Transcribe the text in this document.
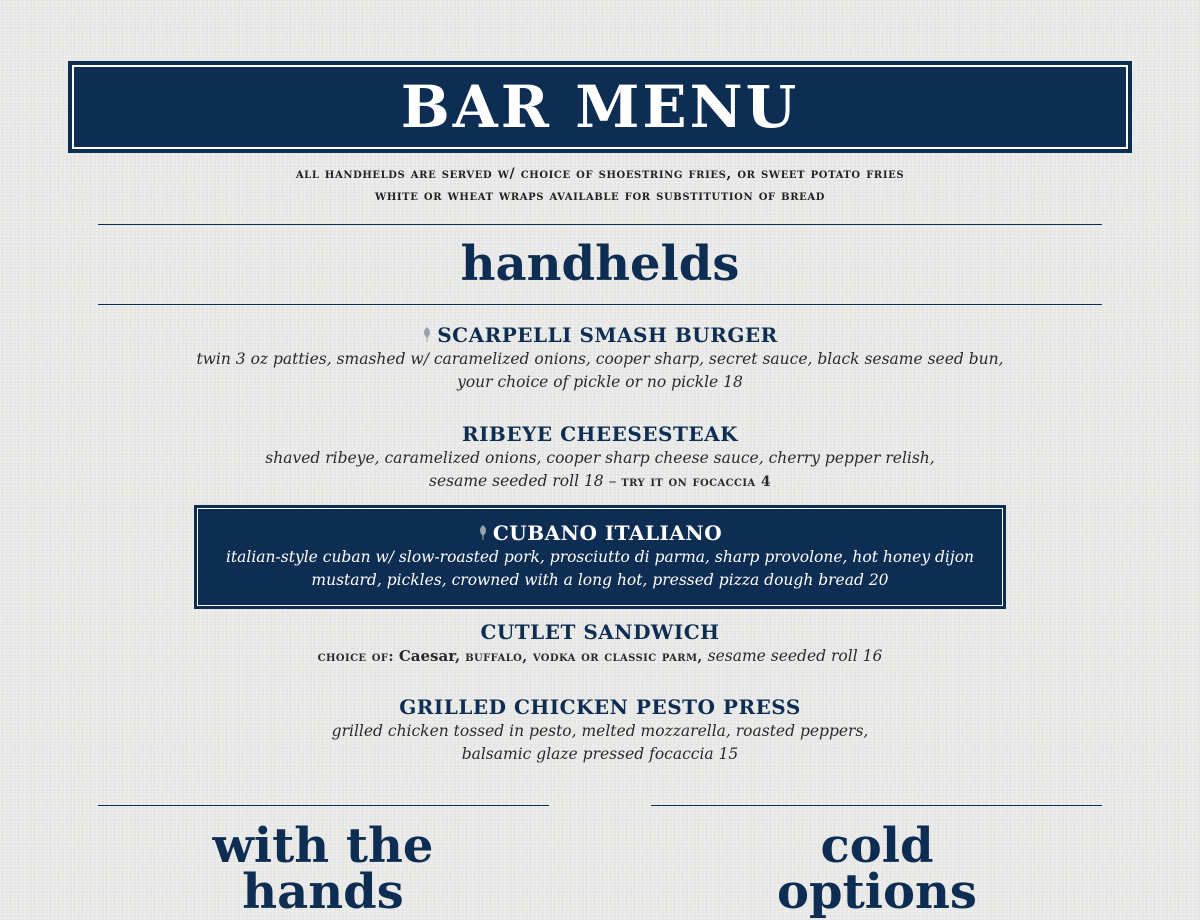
BAR MENU
all handhelds are served w/ choice of shoestring fries, or sweet potato fries
white or wheat wraps available for substitution of bread
handhelds
SCARPELLI SMASH BURGER
twin 3 oz patties, smashed w/ caramelized onions, cooper sharp, secret sauce, black sesame seed bun,
your choice of pickle or no pickle 18
RIBEYE CHEESESTEAK
shaved ribeye, caramelized onions, cooper sharp cheese sauce, cherry pepper relish,
sesame seeded roll 18 – try it on focaccia 4
CUBANO ITALIANO
italian-style cuban w/ slow-roasted pork, prosciutto di parma, sharp provolone, hot honey dijon
mustard, pickles, crowned with a long hot, pressed pizza dough bread 20
CUTLET SANDWICH
choice of: Caesar, buffalo, vodka or classic parm, sesame seeded roll 16
GRILLED CHICKEN PESTO PRESS
grilled chicken tossed in pesto, melted mozzarella, roasted peppers,
balsamic glaze pressed focaccia 15
with the
hands
cold
options
